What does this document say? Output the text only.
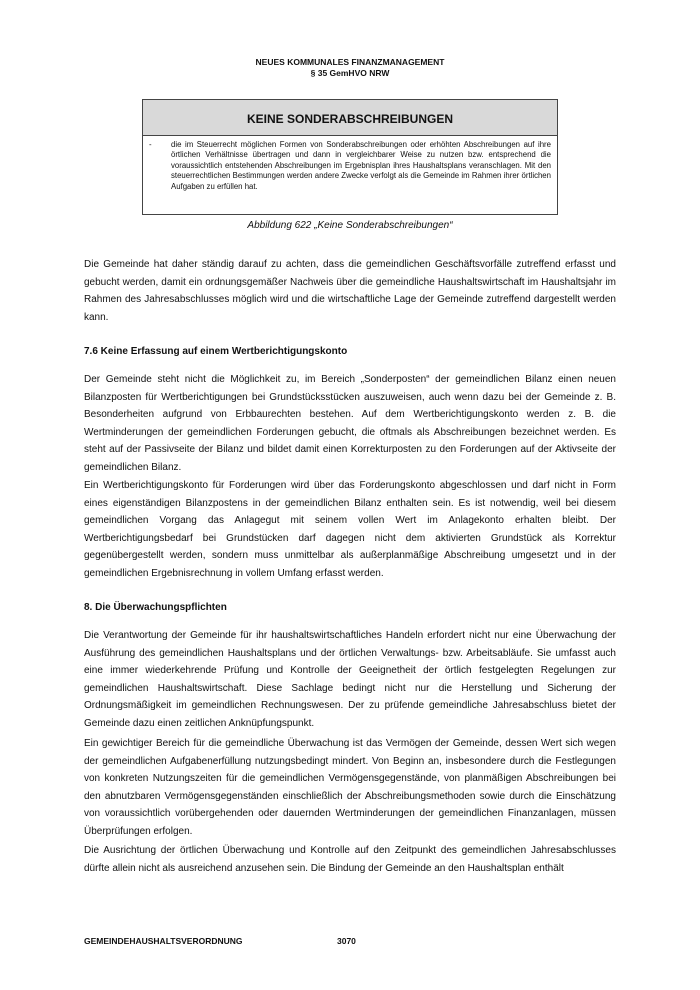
NEUES KOMMUNALES FINANZMANAGEMENT
§ 35 GemHVO NRW
KEINE SONDERABSCHREIBUNGEN
-	die im Steuerrecht möglichen Formen von Sonderabschreibungen oder erhöhten Abschreibungen auf ihre örtlichen Verhältnisse übertragen und dann in vergleichbarer Weise zu nutzen bzw. entsprechend die voraussichtlich entstehenden Abschreibungen im Ergebnisplan ihres Haushaltsplans veranschlagen. Mit den steuerrechtlichen Bestimmungen werden andere Zwecke verfolgt als die Gemeinde im Rahmen ihrer örtlichen Aufgaben zu erfüllen hat.
Abbildung 622 „Keine Sonderabschreibungen“

Die Gemeinde hat daher ständig darauf zu achten, dass die gemeindlichen Geschäftsvorfälle zutreffend erfasst und gebucht werden, damit ein ordnungsgemäßer Nachweis über die gemeindliche Haushaltswirtschaft im Haushaltsjahr im Rahmen des Jahresabschlusses möglich wird und die wirtschaftliche Lage der Gemeinde zutreffend dargestellt werden kann.

7.6 Keine Erfassung auf einem Wertberichtigungskonto

Der Gemeinde steht nicht die Möglichkeit zu, im Bereich „Sonderposten“ der gemeindlichen Bilanz einen neuen Bilanzposten für Wertberichtigungen bei Grundstücksstücken auszuweisen, auch wenn dazu bei der Gemeinde z. B. Besonderheiten aufgrund von Erbbaurechten bestehen. Auf dem Wertberichtigungskonto werden z. B. die Wertminderungen der gemeindlichen Forderungen gebucht, die oftmals als Abschreibungen bezeichnet werden. Es steht auf der Passivseite der Bilanz und bildet damit einen Korrekturposten zu den Forderungen auf der Aktivseite der gemeindlichen Bilanz.

Ein Wertberichtigungskonto für Forderungen wird über das Forderungskonto abgeschlossen und darf nicht in Form eines eigenständigen Bilanzpostens in der gemeindlichen Bilanz enthalten sein. Es ist notwendig, weil bei diesem gemeindlichen Vorgang das Anlagegut mit seinem vollen Wert im Anlagekonto erhalten bleibt. Der Wertberichtigungsbedarf bei Grundstücken darf dagegen nicht dem aktivierten Grundstück als Korrektur gegenübergestellt werden, sondern muss unmittelbar als außerplanmäßige Abschreibung umgesetzt und in der gemeindlichen Ergebnisrechnung in vollem Umfang erfasst werden.

8. Die Überwachungspflichten

Die Verantwortung der Gemeinde für ihr haushaltswirtschaftliches Handeln erfordert nicht nur eine Überwachung der Ausführung des gemeindlichen Haushaltsplans und der örtlichen Verwaltungs- bzw. Arbeitsabläufe. Sie umfasst auch eine immer wiederkehrende Prüfung und Kontrolle der Geeignetheit der örtlich festgelegten Regelungen zur gemeindlichen Haushaltswirtschaft. Diese Sachlage bedingt nicht nur die Herstellung und Sicherung der Ordnungsmäßigkeit im gemeindlichen Rechnungswesen. Der zu prüfende gemeindliche Jahresabschluss bietet der Gemeinde dazu einen zeitlichen Anknüpfungspunkt.

Ein gewichtiger Bereich für die gemeindliche Überwachung ist das Vermögen der Gemeinde, dessen Wert sich wegen der gemeindlichen Aufgabenerfüllung nutzungsbedingt mindert. Von Beginn an, insbesondere durch die Festlegungen von konkreten Nutzungszeiten für die gemeindlichen Vermögensgegenstände, von planmäßigen Abschreibungen bei den abnutzbaren Vermögensgegenständen einschließlich der Abschreibungsmethoden sowie durch die Einschätzung von voraussichtlich vorübergehenden oder dauernden Wertminderungen der gemeindlichen Finanzanlagen, müssen Überprüfungen erfolgen.

Die Ausrichtung der örtlichen Überwachung und Kontrolle auf den Zeitpunkt des gemeindlichen Jahresabschlusses dürfte allein nicht als ausreichend anzusehen sein. Die Bindung der Gemeinde an den Haushaltsplan enthält

GEMEINDEHAUSHALTSVERORDNUNG	3070
